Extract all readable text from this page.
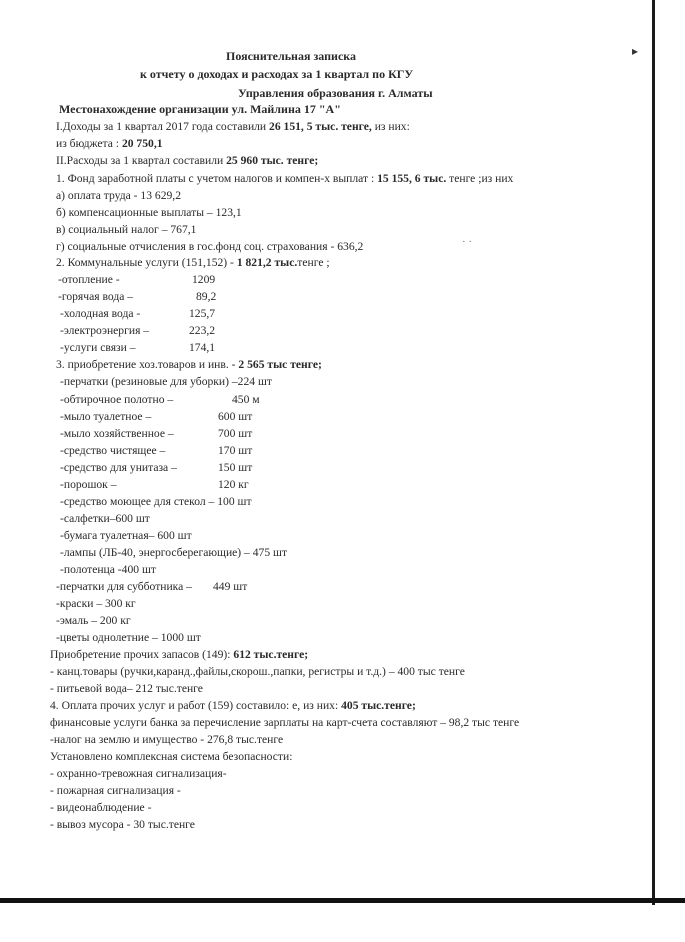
▸
· ·
Пояснительная записка
к отчету о доходах и расходах за 1 квартал по КГУ
Управления образования г. Алматы
Местонахождение организации ул. Майлина 17 "А"
I.Доходы за 1 квартал 2017 года составили 26 151, 5 тыс. тенге, из них:
из бюджета : 20 750,1
II.Расходы за 1 квартал составили 25 960 тыс. тенге;
1. Фонд заработной платы с учетом налогов и компен-х выплат : 15 155, 6 тыс. тенге ;из них
а) оплата труда - 13 629,2
б) компенсационные выплаты – 123,1
в) социальный налог – 767,1
г) социальные отчисления в гос.фонд соц. страхования - 636,2
2. Коммунальные услуги (151,152) - 1 821,2 тыс.тенге ;
-отопление -	1209
-горячая вода –	89,2
-холодная вода -	125,7
-электроэнергия –	223,2
-услуги связи –	174,1
3. приобретение хоз.товаров и инв. - 2 565 тыс тенге;
-перчатки (резиновые для уборки) –224 шт
-обтирочное полотно –	450 м
-мыло туалетное –	600 шт
-мыло хозяйственное –	700 шт
-средство чистящее –	170 шт
-средство для унитаза –	150 шт
-порошок –	120 кг
-средство моющее для стекол – 100 шт
-салфетки–600 шт
-бумага туалетная– 600 шт
-лампы (ЛБ-40, энергосберегающие) – 475 шт
-полотенца -400 шт
-перчатки для субботника – 449 шт
-краски – 300 кг
-эмаль – 200 кг
-цветы однолетние – 1000 шт
Приобретение прочих запасов (149): 612 тыс.тенге;
- канц.товары (ручки,каранд.,файлы,скорош.,папки, регистры и т.д.) – 400 тыс тенге
- питьевой вода– 212 тыс.тенге
4. Оплата прочих услуг и работ (159) составило: е, из них: 405 тыс.тенге;
финансовые услуги банка за перечисление зарплаты на карт-счета составляют – 98,2 тыс тенге
-налог на землю и имущество - 276,8 тыс.тенге
Установлено комплексная система безопасности:
- охранно-тревожная сигнализация-
- пожарная сигнализация -
- видеонаблюдение -
- вывоз мусора - 30 тыс.тенге
